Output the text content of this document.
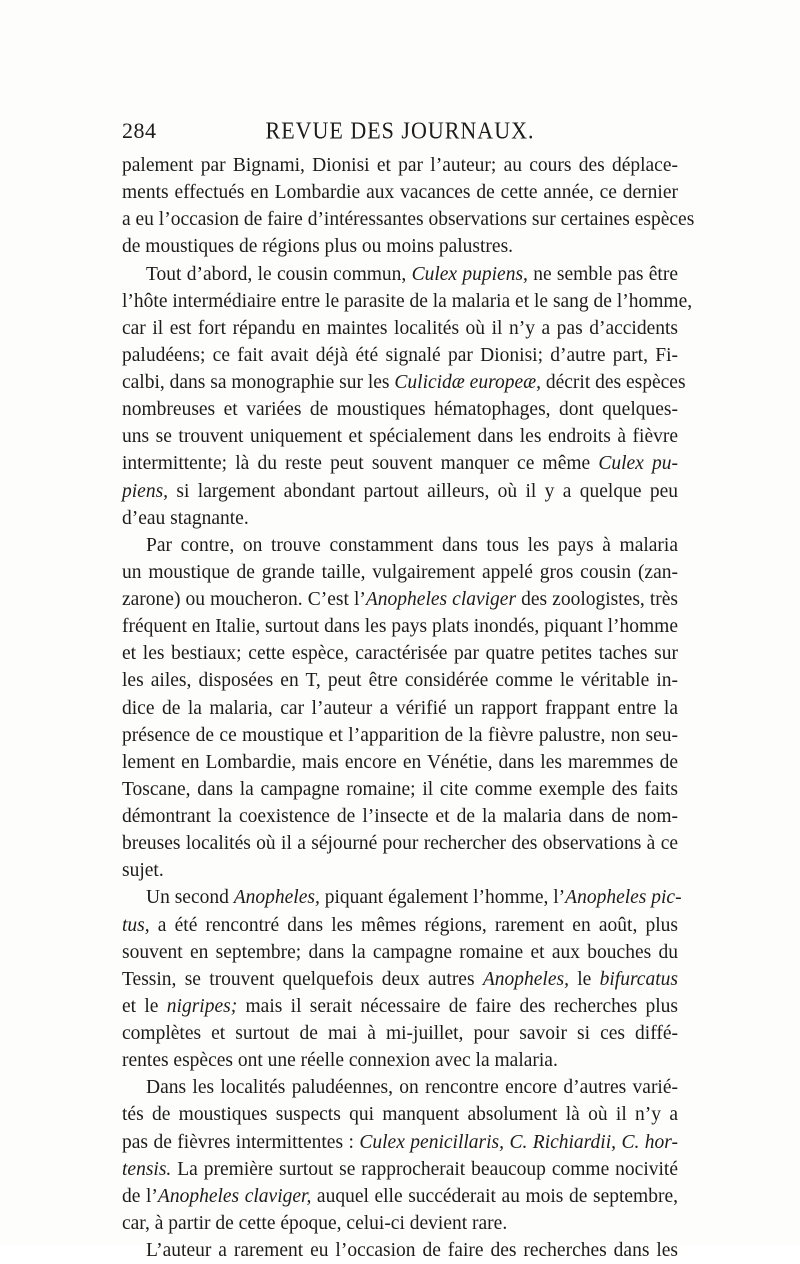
284	REVUE DES JOURNAUX.
palement par Bignami, Dionisi et par l’auteur; au cours des déplace-
ments effectués en Lombardie aux vacances de cette année, ce dernier
a eu l’occasion de faire d’intéressantes observations sur certaines espèces
de moustiques de régions plus ou moins palustres.
Tout d’abord, le cousin commun, Culex pupiens, ne semble pas être
l’hôte intermédiaire entre le parasite de la malaria et le sang de l’homme,
car il est fort répandu en maintes localités où il n’y a pas d’accidents
paludéens; ce fait avait déjà été signalé par Dionisi; d’autre part, Fi-
calbi, dans sa monographie sur les Culicidæ europeæ, décrit des espèces
nombreuses et variées de moustiques hématophages, dont quelques-
uns se trouvent uniquement et spécialement dans les endroits à fièvre
intermittente; là du reste peut souvent manquer ce même Culex pu-
piens, si largement abondant partout ailleurs, où il y a quelque peu
d’eau stagnante.
Par contre, on trouve constamment dans tous les pays à malaria
un moustique de grande taille, vulgairement appelé gros cousin (zan-
zarone) ou moucheron. C’est l’Anopheles claviger des zoologistes, très
fréquent en Italie, surtout dans les pays plats inondés, piquant l’homme
et les bestiaux; cette espèce, caractérisée par quatre petites taches sur
les ailes, disposées en T, peut être considérée comme le véritable in-
dice de la malaria, car l’auteur a vérifié un rapport frappant entre la
présence de ce moustique et l’apparition de la fièvre palustre, non seu-
lement en Lombardie, mais encore en Vénétie, dans les maremmes de
Toscane, dans la campagne romaine; il cite comme exemple des faits
démontrant la coexistence de l’insecte et de la malaria dans de nom-
breuses localités où il a séjourné pour rechercher des observations à ce
sujet.
Un second Anopheles, piquant également l’homme, l’Anopheles pic-
tus, a été rencontré dans les mêmes régions, rarement en août, plus
souvent en septembre; dans la campagne romaine et aux bouches du
Tessin, se trouvent quelquefois deux autres Anopheles, le bifurcatus
et le nigripes; mais il serait nécessaire de faire des recherches plus
complètes et surtout de mai à mi-juillet, pour savoir si ces diffé-
rentes espèces ont une réelle connexion avec la malaria.
Dans les localités paludéennes, on rencontre encore d’autres varié-
tés de moustiques suspects qui manquent absolument là où il n’y a
pas de fièvres intermittentes : Culex penicillaris, C. Richiardii, C. hor-
tensis. La première surtout se rapprocherait beaucoup comme nocivité
de l’Anopheles claviger, auquel elle succéderait au mois de septembre,
car, à partir de cette époque, celui-ci devient rare.
L’auteur a rarement eu l’occasion de faire des recherches dans les
